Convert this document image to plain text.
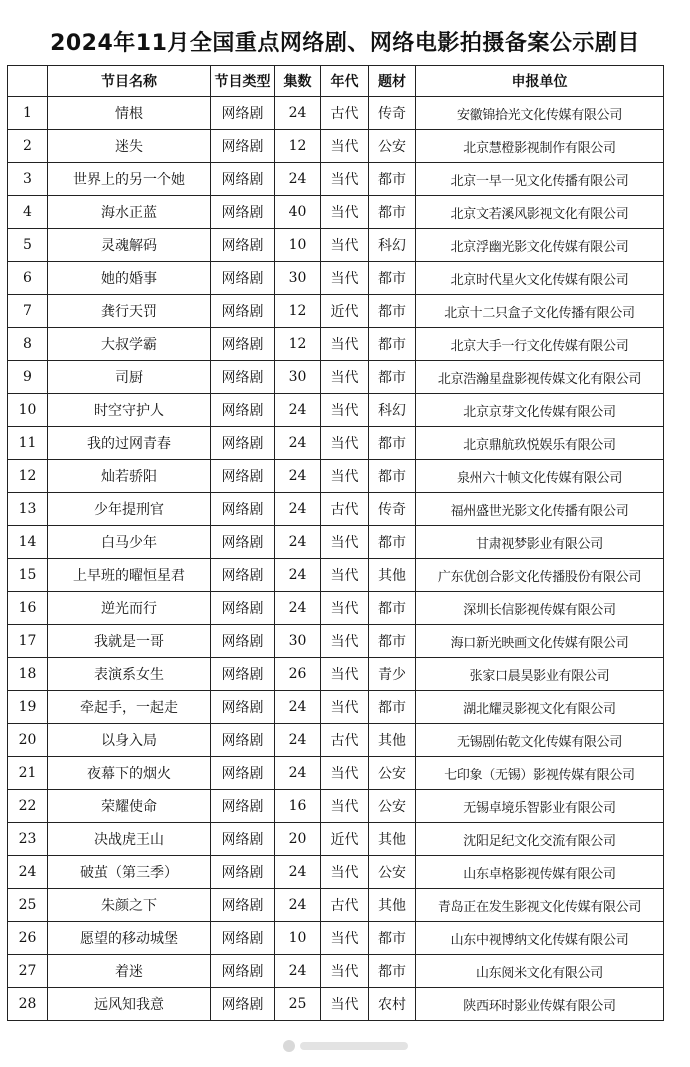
2024年11月全国重点网络剧、网络电影拍摄备案公示剧目
	节目名称	节目类型	集数	年代	题材	申报单位
1	情根	网络剧	24	古代	传奇	安徽锦拾光文化传媒有限公司
2	迷失	网络剧	12	当代	公安	北京慧橙影视制作有限公司
3	世界上的另一个她	网络剧	24	当代	都市	北京一早一见文化传播有限公司
4	海水正蓝	网络剧	40	当代	都市	北京文若溪风影视文化有限公司
5	灵魂解码	网络剧	10	当代	科幻	北京浮幽光影文化传媒有限公司
6	她的婚事	网络剧	30	当代	都市	北京时代星火文化传媒有限公司
7	龚行天罚	网络剧	12	近代	都市	北京十二只盒子文化传播有限公司
8	大叔学霸	网络剧	12	当代	都市	北京大手一行文化传媒有限公司
9	司厨	网络剧	30	当代	都市	北京浩瀚星盘影视传媒文化有限公司
10	时空守护人	网络剧	24	当代	科幻	北京京芽文化传媒有限公司
11	我的过网青春	网络剧	24	当代	都市	北京鼎航玖悦娱乐有限公司
12	灿若骄阳	网络剧	24	当代	都市	泉州六十帧文化传媒有限公司
13	少年提刑官	网络剧	24	古代	传奇	福州盛世光影文化传播有限公司
14	白马少年	网络剧	24	当代	都市	甘肃视梦影业有限公司
15	上早班的曜恒星君	网络剧	24	当代	其他	广东优创合影文化传播股份有限公司
16	逆光而行	网络剧	24	当代	都市	深圳长信影视传媒有限公司
17	我就是一哥	网络剧	30	当代	都市	海口新光映画文化传媒有限公司
18	表演系女生	网络剧	26	当代	青少	张家口晨昊影业有限公司
19	牵起手，一起走	网络剧	24	当代	都市	湖北耀灵影视文化有限公司
20	以身入局	网络剧	24	古代	其他	无锡剧佑乾文化传媒有限公司
21	夜幕下的烟火	网络剧	24	当代	公安	七印象（无锡）影视传媒有限公司
22	荣耀使命	网络剧	16	当代	公安	无锡卓境乐智影业有限公司
23	决战虎王山	网络剧	20	近代	其他	沈阳足纪文化交流有限公司
24	破茧（第三季）	网络剧	24	当代	公安	山东卓格影视传媒有限公司
25	朱颜之下	网络剧	24	古代	其他	青岛正在发生影视文化传媒有限公司
26	愿望的移动城堡	网络剧	10	当代	都市	山东中视博纳文化传媒有限公司
27	着迷	网络剧	24	当代	都市	山东阅米文化有限公司
28	远风知我意	网络剧	25	当代	农村	陕西环时影业传媒有限公司
